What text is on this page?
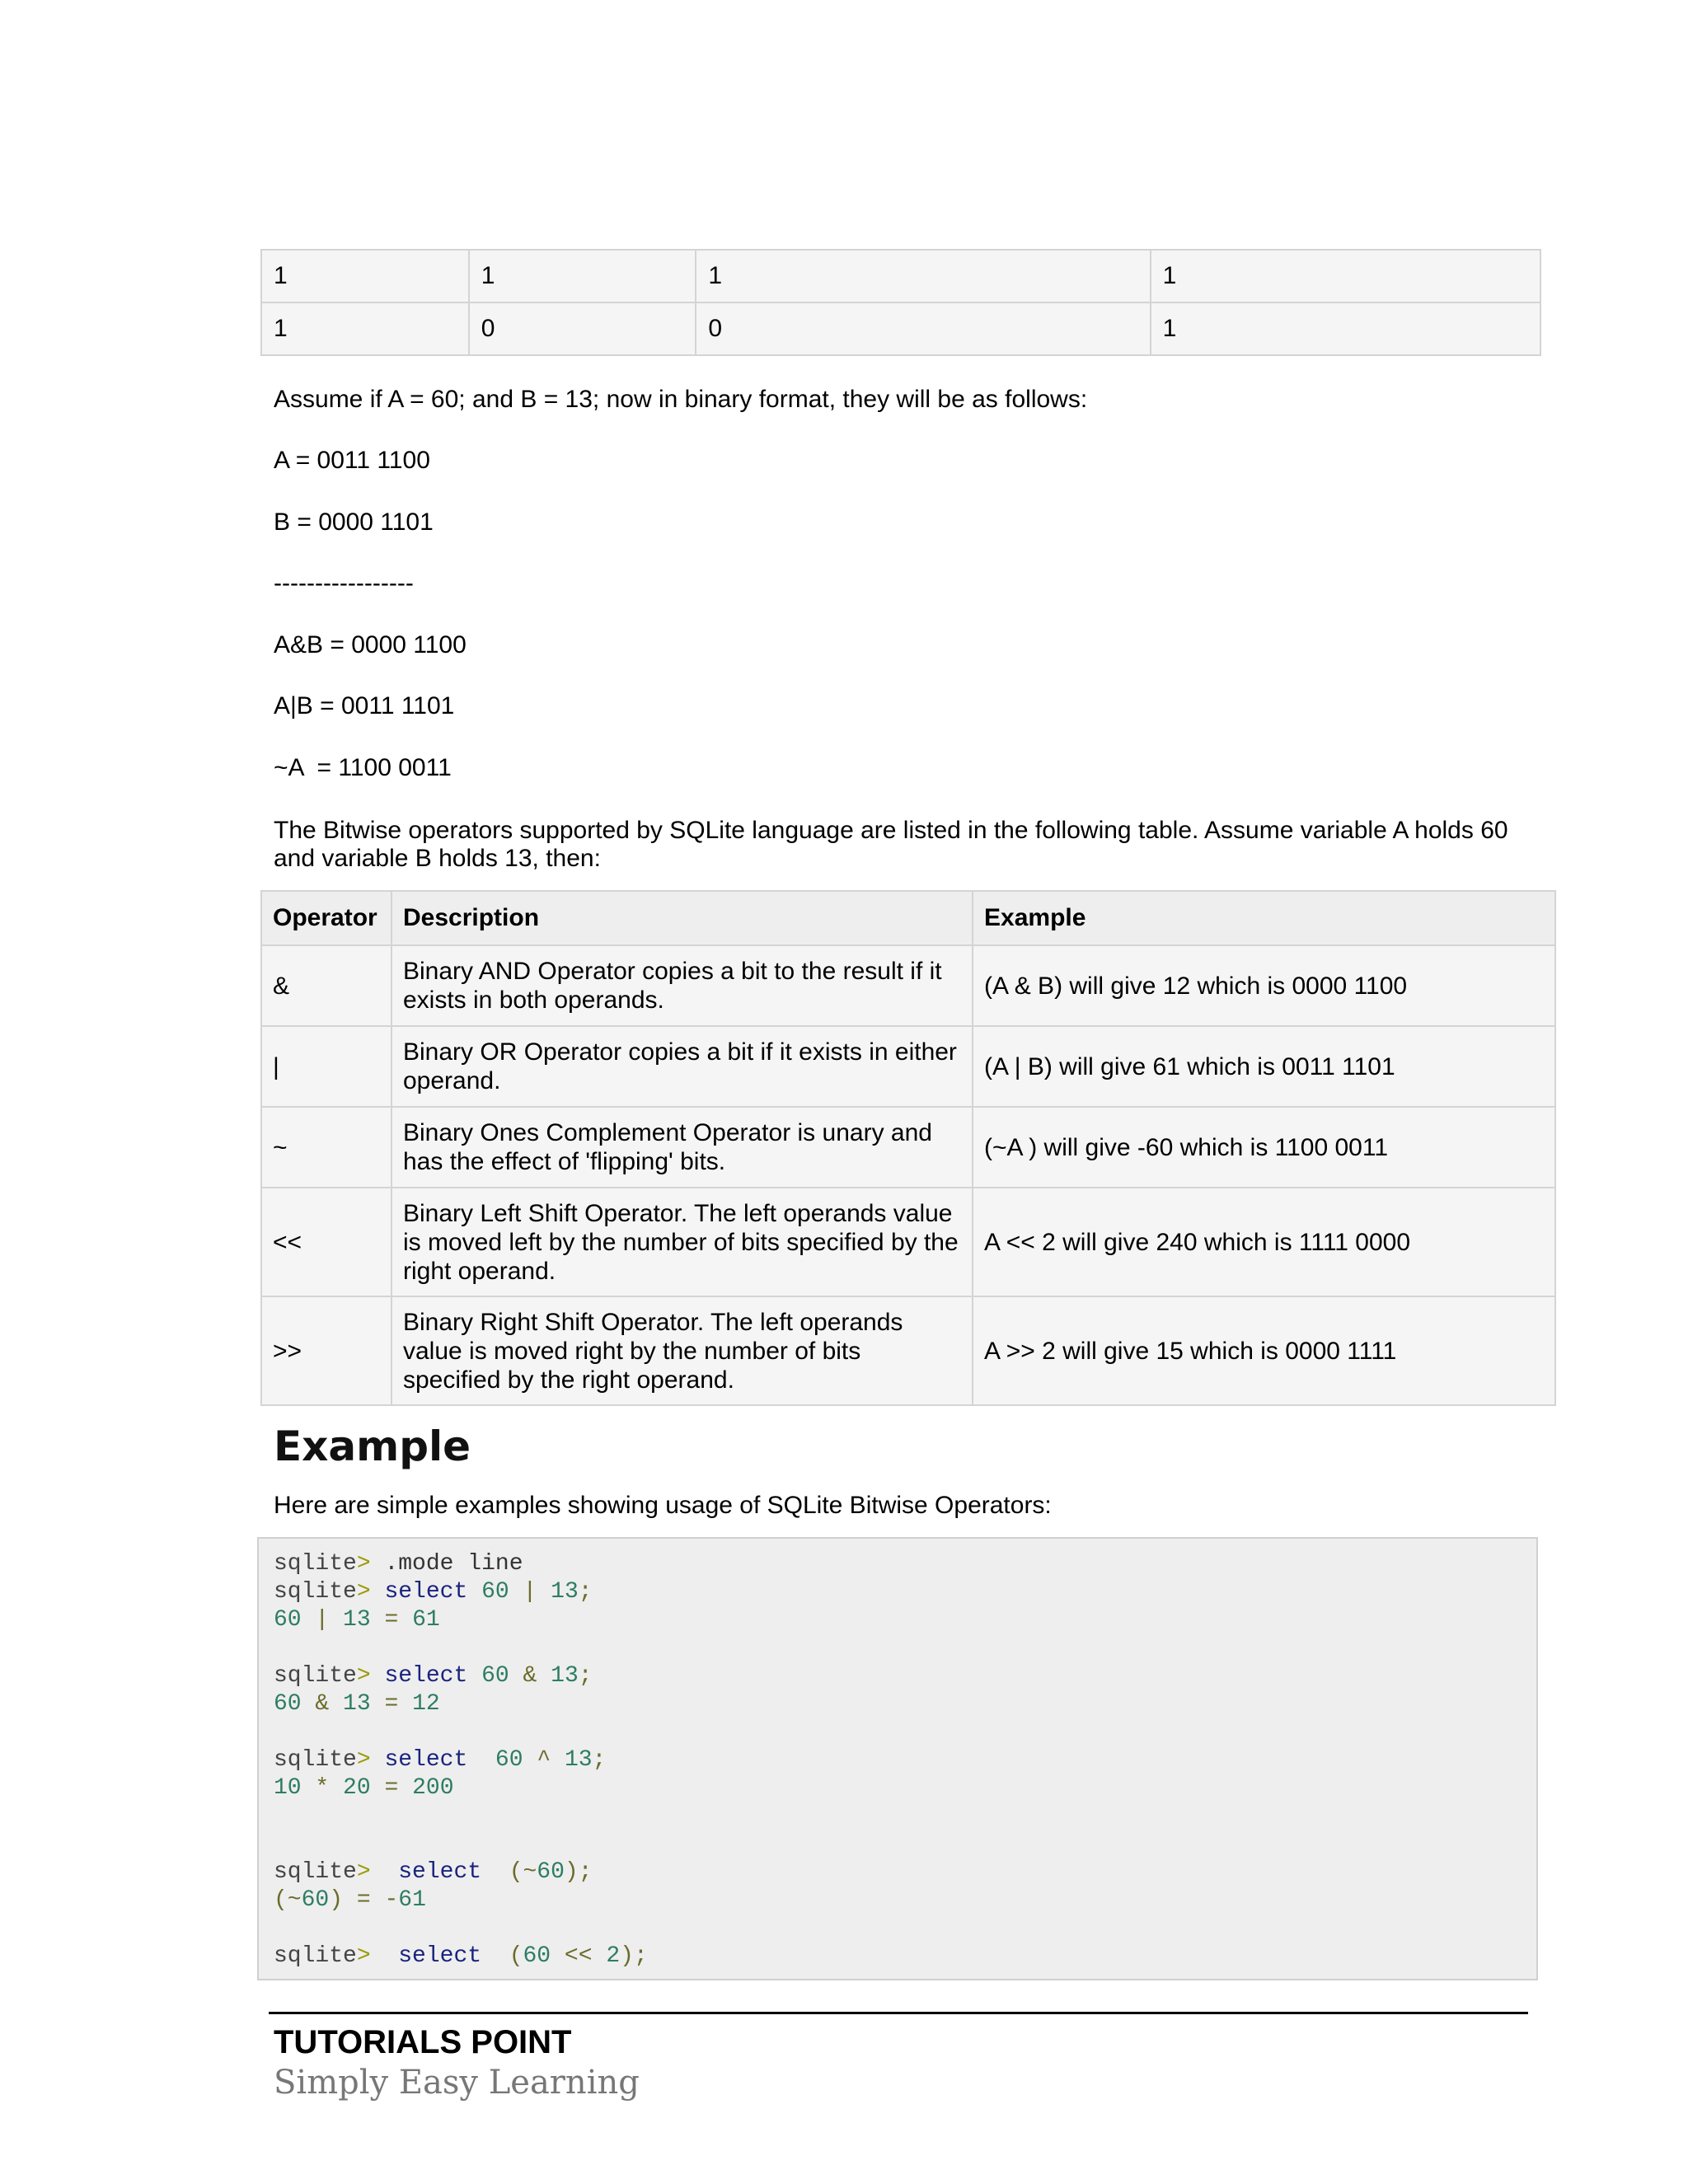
1	1	1	1
1	0	0	1

Assume if A = 60; and B = 13; now in binary format, they will be as follows:

A = 0011 1100

B = 0000 1101

-----------------

A&B = 0000 1100

A|B = 0011 1101

~A  = 1100 0011

The Bitwise operators supported by SQLite language are listed in the following table. Assume variable A holds 60

and variable B holds 13, then:

Operator	Description	Example
&	Binary AND Operator copies a bit to the result if it
exists in both operands.	(A & B) will give 12 which is 0000 1100
|	Binary OR Operator copies a bit if it exists in either
operand.	(A | B) will give 61 which is 0011 1101
~	Binary Ones Complement Operator is unary and
has the effect of 'flipping' bits.	(~A ) will give -60 which is 1100 0011
<<	Binary Left Shift Operator. The left operands value
is moved left by the number of bits specified by the
right operand.	A << 2 will give 240 which is 1111 0000
>>	Binary Right Shift Operator. The left operands
value is moved right by the number of bits
specified by the right operand.	A >> 2 will give 15 which is 0000 1111
Example

Here are simple examples showing usage of SQLite Bitwise Operators:

sqlite> .mode line
sqlite> select 60 | 13;
60 | 13 = 61
sqlite> select 60 & 13;
60 & 13 = 12
sqlite> select 60 ^ 13;
10 * 20 = 200
sqlite> select (~60);
(~60) = -61
sqlite> select (60 << 2);

TUTORIALS POINT

Simply Easy Learning
